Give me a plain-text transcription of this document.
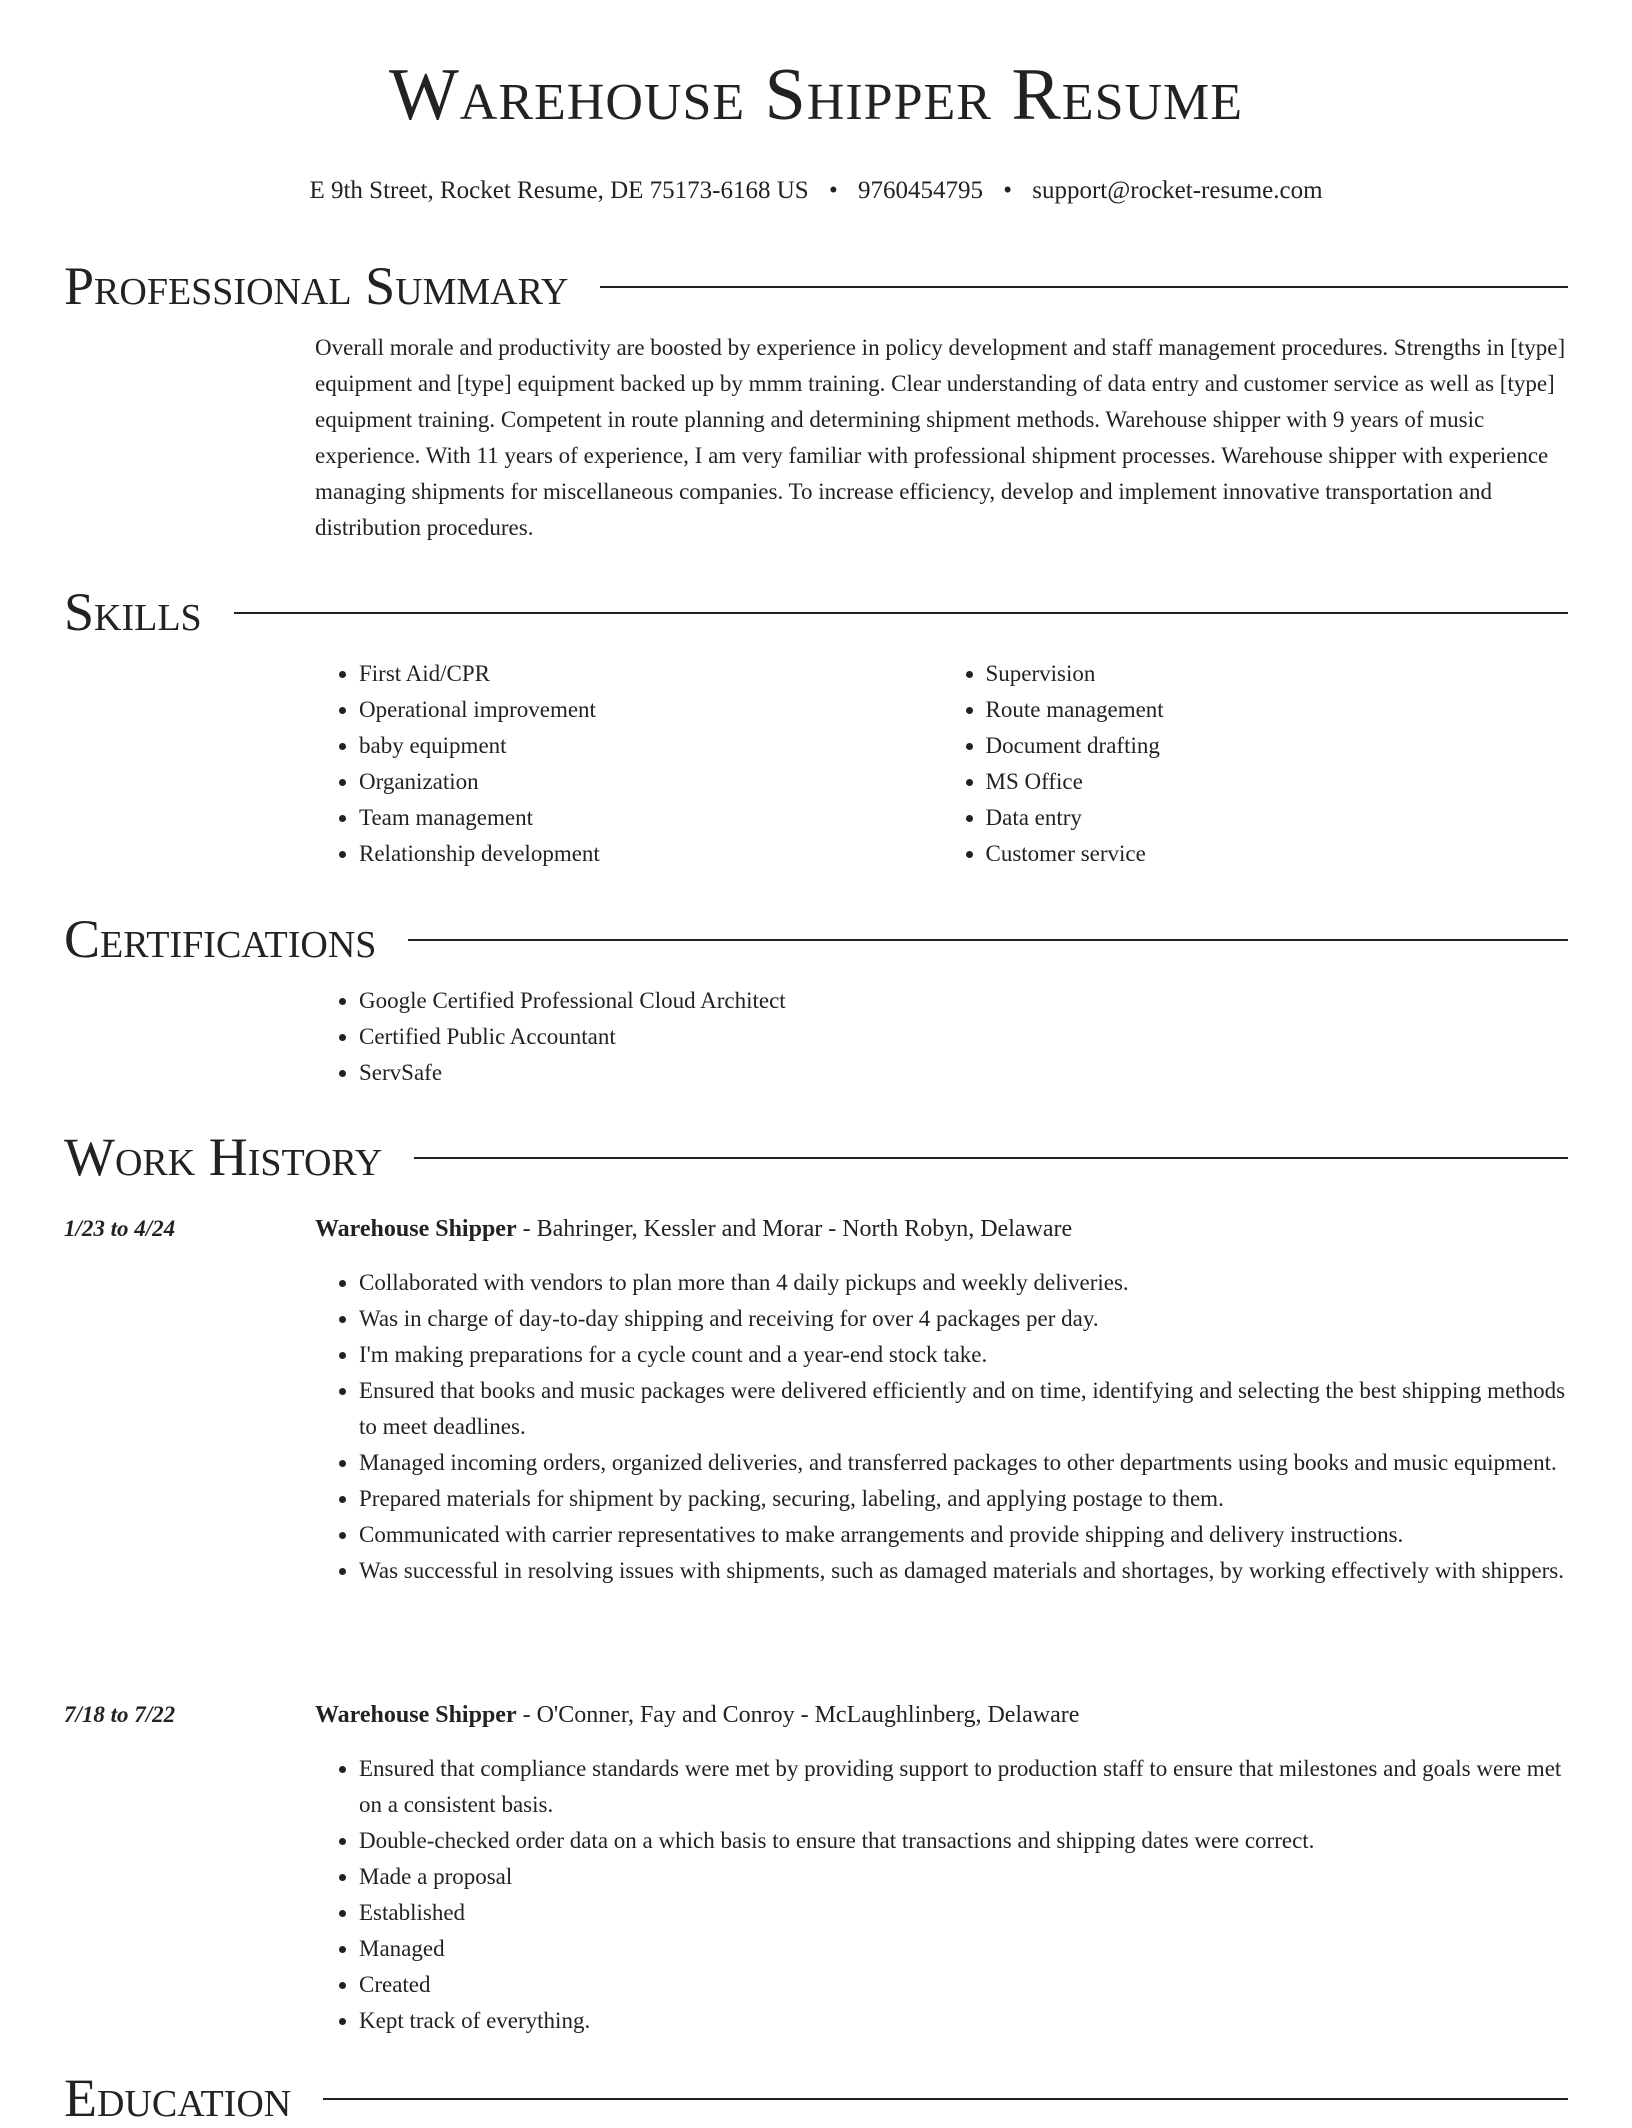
Warehouse Shipper Resume
E 9th Street, Rocket Resume, DE 75173-6168 US • 9760454795 • support@rocket-resume.com
Professional Summary

Overall morale and productivity are boosted by experience in policy development and staff management procedures. Strengths in [type] equipment and [type] equipment backed up by mmm training. Clear understanding of data entry and customer service as well as [type] equipment training. Competent in route planning and determining shipment methods. Warehouse shipper with 9 years of music experience. With 11 years of experience, I am very familiar with professional shipment processes. Warehouse shipper with experience managing shipments for miscellaneous companies. To increase efficiency, develop and implement innovative transportation and distribution procedures.

Skills
• First Aid/CPR
• Operational improvement
• baby equipment
• Organization
• Team management
• Relationship development
• Supervision
• Route management
• Document drafting
• MS Office
• Data entry
• Customer service
Certifications
• Google Certified Professional Cloud Architect
• Certified Public Accountant
• ServSafe
Work History
1/23 to 4/24	Warehouse Shipper - Bahringer, Kessler and Morar - North Robyn, Delaware
• Collaborated with vendors to plan more than 4 daily pickups and weekly deliveries.
• Was in charge of day-to-day shipping and receiving for over 4 packages per day.
• I'm making preparations for a cycle count and a year-end stock take.
• Ensured that books and music packages were delivered efficiently and on time, identifying and selecting the best shipping methods to meet deadlines.
• Managed incoming orders, organized deliveries, and transferred packages to other departments using books and music equipment.
• Prepared materials for shipment by packing, securing, labeling, and applying postage to them.
• Communicated with carrier representatives to make arrangements and provide shipping and delivery instructions.
• Was successful in resolving issues with shipments, such as damaged materials and shortages, by working effectively with shippers.
7/18 to 7/22	Warehouse Shipper - O'Conner, Fay and Conroy - McLaughlinberg, Delaware
• Ensured that compliance standards were met by providing support to production staff to ensure that milestones and goals were met on a consistent basis.
• Double-checked order data on a which basis to ensure that transactions and shipping dates were correct.
• Made a proposal
• Established
• Managed
• Created
• Kept track of everything.
Education
